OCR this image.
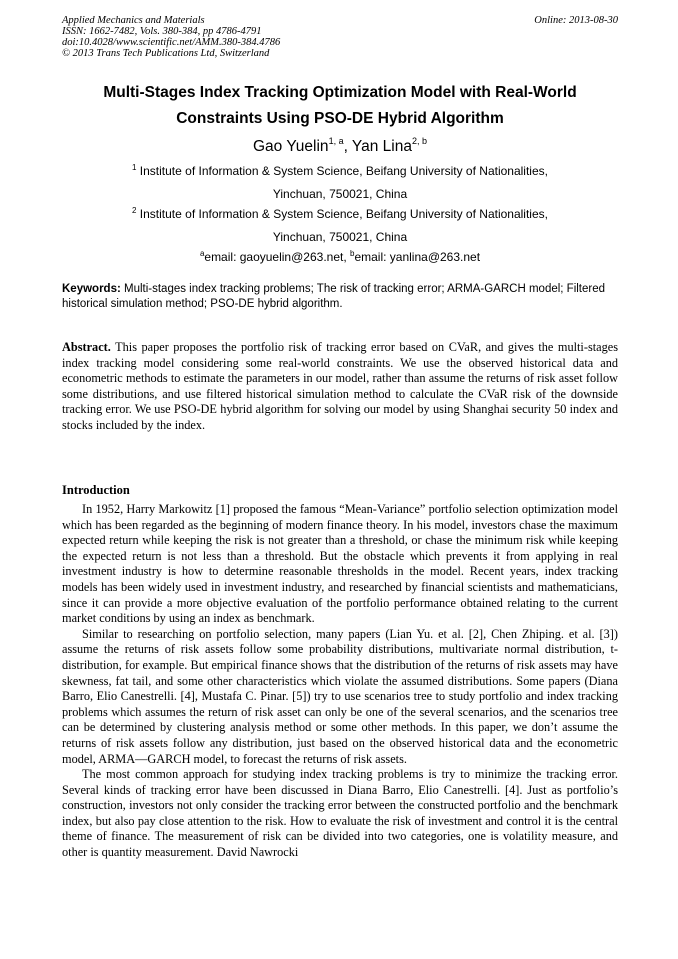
Applied Mechanics and Materials
ISSN: 1662-7482, Vols. 380-384, pp 4786-4791
doi:10.4028/www.scientific.net/AMM.380-384.4786
© 2013 Trans Tech Publications Ltd, Switzerland
Online: 2013-08-30
Multi-Stages Index Tracking Optimization Model with Real-World
Constraints Using PSO-DE Hybrid Algorithm
Gao Yuelin$^{1, a}$, Yan Lina$^{2, b}$
$^1$ Institute of Information & System Science, Beifang University of Nationalities,
Yinchuan, 750021, China
$^2$ Institute of Information & System Science, Beifang University of Nationalities,
Yinchuan, 750021, China
$^a$email: gaoyuelin@263.net, $^b$email: yanlina@263.net
Keywords: Multi-stages index tracking problems; The risk of tracking error; ARMA-GARCH model; Filtered historical simulation method; PSO-DE hybrid algorithm.
Abstract. This paper proposes the portfolio risk of tracking error based on CVaR, and gives the multi-stages index tracking model considering some real-world constraints. We use the observed historical data and econometric methods to estimate the parameters in our model, rather than assume the returns of risk asset follow some distributions, and use filtered historical simulation method to calculate the CVaR risk of the downside tracking error. We use PSO-DE hybrid algorithm for solving our model by using Shanghai security 50 index and stocks included by the index.
Introduction

In 1952, Harry Markowitz [1] proposed the famous “Mean-Variance” portfolio selection optimization model which has been regarded as the beginning of modern finance theory. In his model, investors chase the maximum expected return while keeping the risk is not greater than a threshold, or chase the minimum risk while keeping the expected return is not less than a threshold. But the obstacle which prevents it from applying in real investment industry is how to determine reasonable thresholds in the model. Recent years, index tracking models has been widely used in investment industry, and researched by financial scientists and mathematicians, since it can provide a more objective evaluation of the portfolio performance obtained relating to the current market conditions by using an index as benchmark.

Similar to researching on portfolio selection, many papers (Lian Yu. et al. [2], Chen Zhiping. et al. [3]) assume the returns of risk assets follow some probability distributions, multivariate normal distribution, t-distribution, for example. But empirical finance shows that the distribution of the returns of risk assets may have skewness, fat tail, and some other characteristics which violate the assumed distributions. Some papers (Diana Barro, Elio Canestrelli. [4], Mustafa C. Pinar. [5]) try to use scenarios tree to study portfolio and index tracking problems which assumes the return of risk asset can only be one of the several scenarios, and the scenarios tree can be determined by clustering analysis method or some other methods. In this paper, we don’t assume the returns of risk assets follow any distribution, just based on the observed historical data and the econometric model, ARMA—GARCH model, to forecast the returns of risk assets.

The most common approach for studying index tracking problems is try to minimize the tracking error. Several kinds of tracking error have been discussed in Diana Barro, Elio Canestrelli. [4]. Just as portfolio’s construction, investors not only consider the tracking error between the constructed portfolio and the benchmark index, but also pay close attention to the risk. How to evaluate the risk of investment and control it is the central theme of finance. The measurement of risk can be divided into two categories, one is volatility measure, and other is quantity measurement. David Nawrocki
